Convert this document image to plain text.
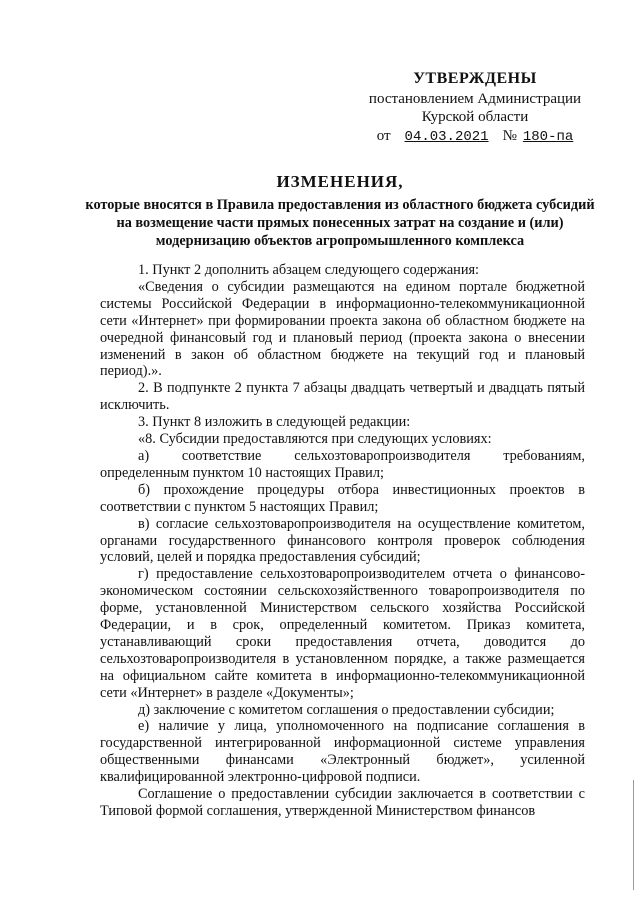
УТВЕРЖДЕНЫ
постановлением Администрации
Курской области
от 04.03.2021 № 180-па
ИЗМЕНЕНИЯ,
которые вносятся в Правила предоставления из областного бюджета субсидий на возмещение части прямых понесенных затрат на создание и (или) модернизацию объектов агропромышленного комплекса

1. Пункт 2 дополнить абзацем следующего содержания:

«Сведения о субсидии размещаются на едином портале бюджетной системы Российской Федерации в информационно-телекоммуникационной сети «Интернет» при формировании проекта закона об областном бюджете на очередной финансовый год и плановый период (проекта закона о внесении изменений в закон об областном бюджете на текущий год и плановый период).».

2. В подпункте 2 пункта 7 абзацы двадцать четвертый и двадцать пятый исключить.

3. Пункт 8 изложить в следующей редакции:

«8. Субсидии предоставляются при следующих условиях:

а) соответствие сельхозтоваропроизводителя требованиям, определенным пунктом 10 настоящих Правил;

б) прохождение процедуры отбора инвестиционных проектов в соответствии с пунктом 5 настоящих Правил;

в) согласие сельхозтоваропроизводителя на осуществление комитетом, органами государственного финансового контроля проверок соблюдения условий, целей и порядка предоставления субсидий;

г) предоставление сельхозтоваропроизводителем отчета о финансово-экономическом состоянии сельскохозяйственного товаропроизводителя по форме, установленной Министерством сельского хозяйства Российской Федерации, и в срок, определенный комитетом. Приказ комитета, устанавливающий сроки предоставления отчета, доводится до сельхозтоваропроизводителя в установленном порядке, а также размещается на официальном сайте комитета в информационно-телекоммуникационной сети «Интернет» в разделе «Документы»;

д) заключение с комитетом соглашения о предоставлении субсидии;

е) наличие у лица, уполномоченного на подписание соглашения в государственной интегрированной информационной системе управления общественными финансами «Электронный бюджет», усиленной квалифицированной электронно-цифровой подписи.

Соглашение о предоставлении субсидии заключается в соответствии с Типовой формой соглашения, утвержденной Министерством финансов
